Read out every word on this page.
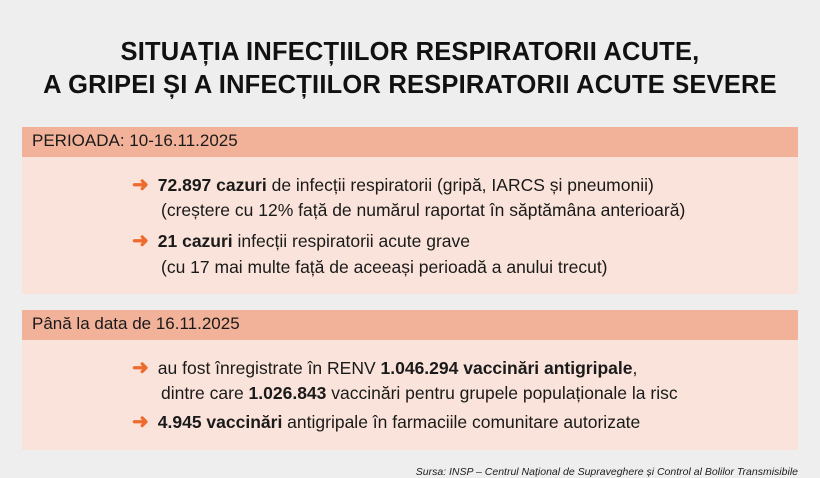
SITUAȚIA INFECȚIILOR RESPIRATORII ACUTE,
A GRIPEI ȘI A INFECȚIILOR RESPIRATORII ACUTE SEVERE
PERIOADA: 10-16.11.2025
➜ 72.897 cazuri de infecții respiratorii (gripă, IARCS și pneumonii)
(creștere cu 12% față de numărul raportat în săptămâna anterioară)
➜ 21 cazuri infecții respiratorii acute grave
(cu 17 mai multe față de aceeași perioadă a anului trecut)
Până la data de 16.11.2025
➜ au fost înregistrate în RENV 1.046.294 vaccinări antigripale,
dintre care 1.026.843 vaccinări pentru grupele populaționale la risc
➜ 4.945 vaccinări antigripale în farmaciile comunitare autorizate
Sursa: INSP – Centrul Național de Supraveghere și Control al Bolilor Transmisibile
